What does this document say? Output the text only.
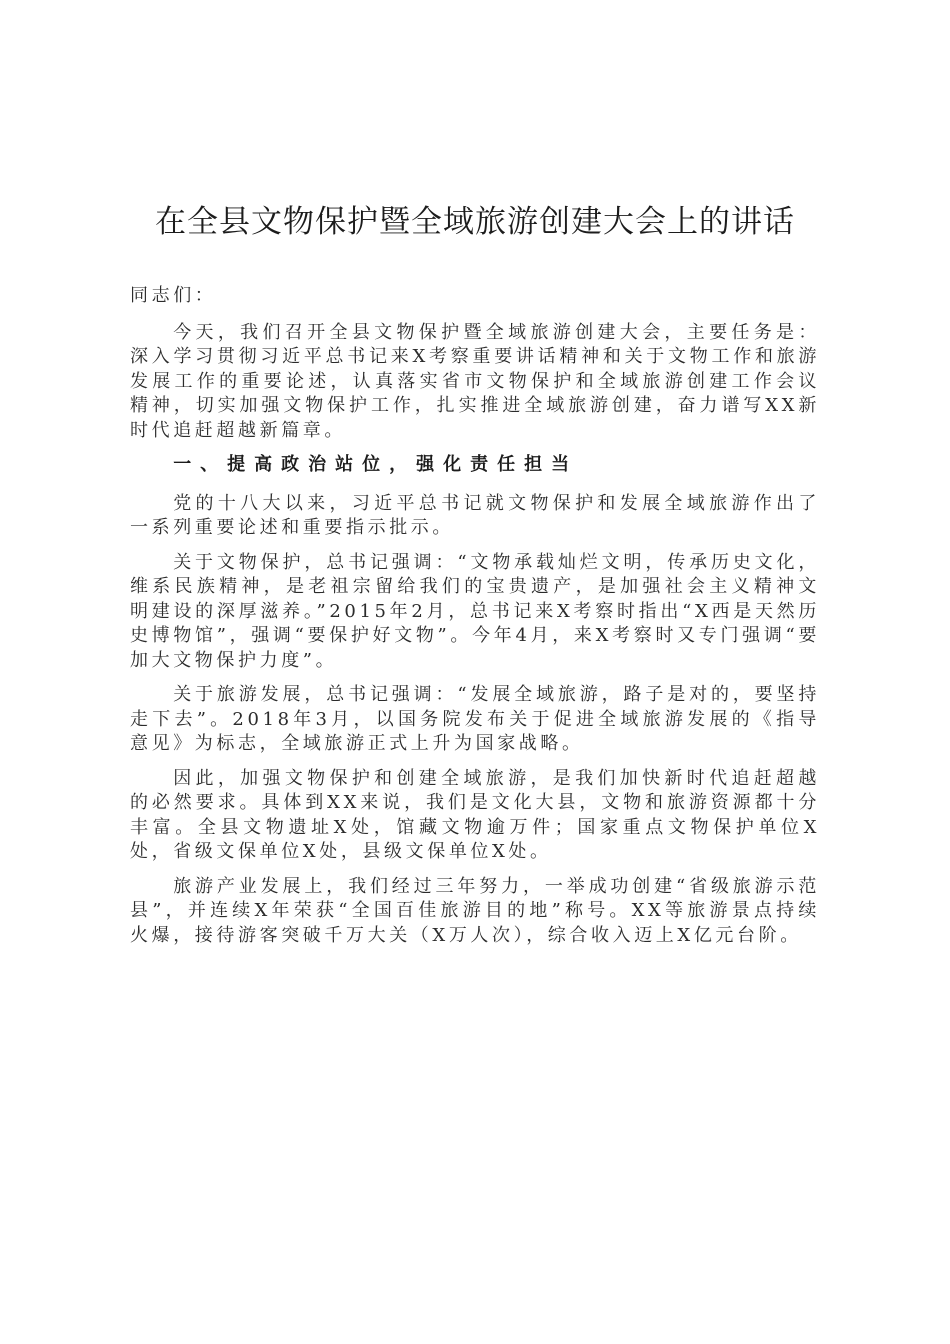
在全县文物保护暨全域旅游创建大会上的讲话

同志们：

今天，我们召开全县文物保护暨全域旅游创建大会，主要任务是：深入学习贯彻习近平总书记来X考察重要讲话精神和关于文物工作和旅游发展工作的重要论述，认真落实省市文物保护和全域旅游创建工作会议精神，切实加强文物保护工作，扎实推进全域旅游创建，奋力谱写XX新时代追赶超越新篇章。

一、提高政治站位，强化责任担当

党的十八大以来，习近平总书记就文物保护和发展全域旅游作出了一系列重要论述和重要指示批示。

关于文物保护，总书记强调：“文物承载灿烂文明，传承历史文化，维系民族精神，是老祖宗留给我们的宝贵遗产，是加强社会主义精神文明建设的深厚滋养。”2015年2月，总书记来X考察时指出“X西是天然历史博物馆”，强调“要保护好文物”。今年4月，来X考察时又专门强调“要加大文物保护力度”。

关于旅游发展，总书记强调：“发展全域旅游，路子是对的，要坚持走下去”。2018年3月，以国务院发布关于促进全域旅游发展的《指导意见》为标志，全域旅游正式上升为国家战略。

因此，加强文物保护和创建全域旅游，是我们加快新时代追赶超越的必然要求。具体到XX来说，我们是文化大县，文物和旅游资源都十分丰富。全县文物遗址X处，馆藏文物逾万件；国家重点文物保护单位X处，省级文保单位X处，县级文保单位X处。

旅游产业发展上，我们经过三年努力，一举成功创建“省级旅游示范县”，并连续X年荣获“全国百佳旅游目的地”称号。XX等旅游景点持续火爆，接待游客突破千万大关（X万人次），综合收入迈上X亿元台阶。
